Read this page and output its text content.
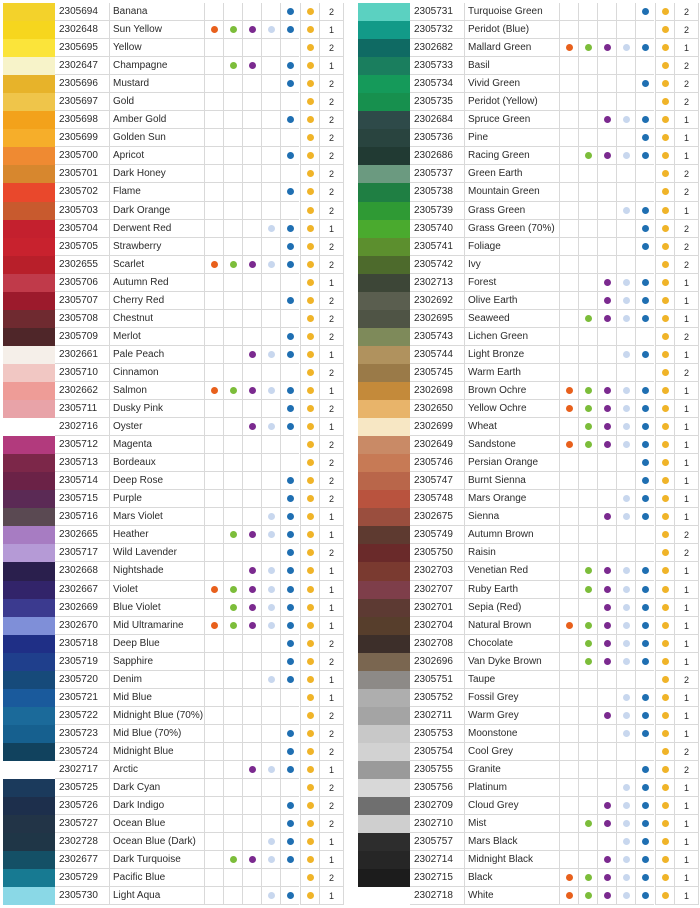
2305694	Banana	2
2302648	Sun Yellow	1
2305695	Yellow	2
2302647	Champagne	1
2305696	Mustard	2
2305697	Gold	2
2305698	Amber Gold	2
2305699	Golden Sun	2
2305700	Apricot	2
2305701	Dark Honey	2
2305702	Flame	2
2305703	Dark Orange	2
2305704	Derwent Red	1
2305705	Strawberry	2
2302655	Scarlet	2
2305706	Autumn Red	1
2305707	Cherry Red	2
2305708	Chestnut	2
2305709	Merlot	2
2302661	Pale Peach	1
2305710	Cinnamon	2
2302662	Salmon	1
2305711	Dusky Pink	2
2302716	Oyster	1
2305712	Magenta	2
2305713	Bordeaux	2
2305714	Deep Rose	2
2305715	Purple	2
2305716	Mars Violet	1
2302665	Heather	1
2305717	Wild Lavender	2
2302668	Nightshade	1
2302667	Violet	1
2302669	Blue Violet	1
2302670	Mid Ultramarine	1
2305718	Deep Blue	2
2305719	Sapphire	2
2305720	Denim	1
2305721	Mid Blue	1
2305722	Midnight Blue (70%)	2
2305723	Mid Blue (70%)	2
2305724	Midnight Blue	2
2302717	Arctic	1
2305725	Dark Cyan	2
2305726	Dark Indigo	2
2305727	Ocean Blue	2
2302728	Ocean Blue (Dark)	1
2302677	Dark Turquoise	1
2305729	Pacific Blue	2
2305730	Light Aqua	1
2305731	Turquoise Green	2
2305732	Peridot (Blue)	2
2302682	Mallard Green	1
2305733	Basil	2
2305734	Vivid Green	2
2305735	Peridot (Yellow)	2
2302684	Spruce Green	1
2305736	Pine	1
2302686	Racing Green	1
2305737	Green Earth	2
2305738	Mountain Green	2
2305739	Grass Green	1
2305740	Grass Green (70%)	2
2305741	Foliage	2
2305742	Ivy	2
2302713	Forest	1
2302692	Olive Earth	1
2302695	Seaweed	1
2305743	Lichen Green	2
2305744	Light Bronze	1
2305745	Warm Earth	2
2302698	Brown Ochre	1
2302650	Yellow Ochre	1
2302699	Wheat	1
2302649	Sandstone	1
2305746	Persian Orange	1
2305747	Burnt Sienna	1
2305748	Mars Orange	1
2302675	Sienna	1
2305749	Autumn Brown	2
2305750	Raisin	2
2302703	Venetian Red	1
2302707	Ruby Earth	1
2302701	Sepia (Red)	1
2302704	Natural Brown	1
2302708	Chocolate	1
2302696	Van Dyke Brown	1
2305751	Taupe	2
2305752	Fossil Grey	1
2302711	Warm Grey	1
2305753	Moonstone	1
2305754	Cool Grey	2
2305755	Granite	2
2305756	Platinum	1
2302709	Cloud Grey	1
2302710	Mist	1
2305757	Mars Black	1
2302714	Midnight Black	1
2302715	Black	1
2302718	White	1
